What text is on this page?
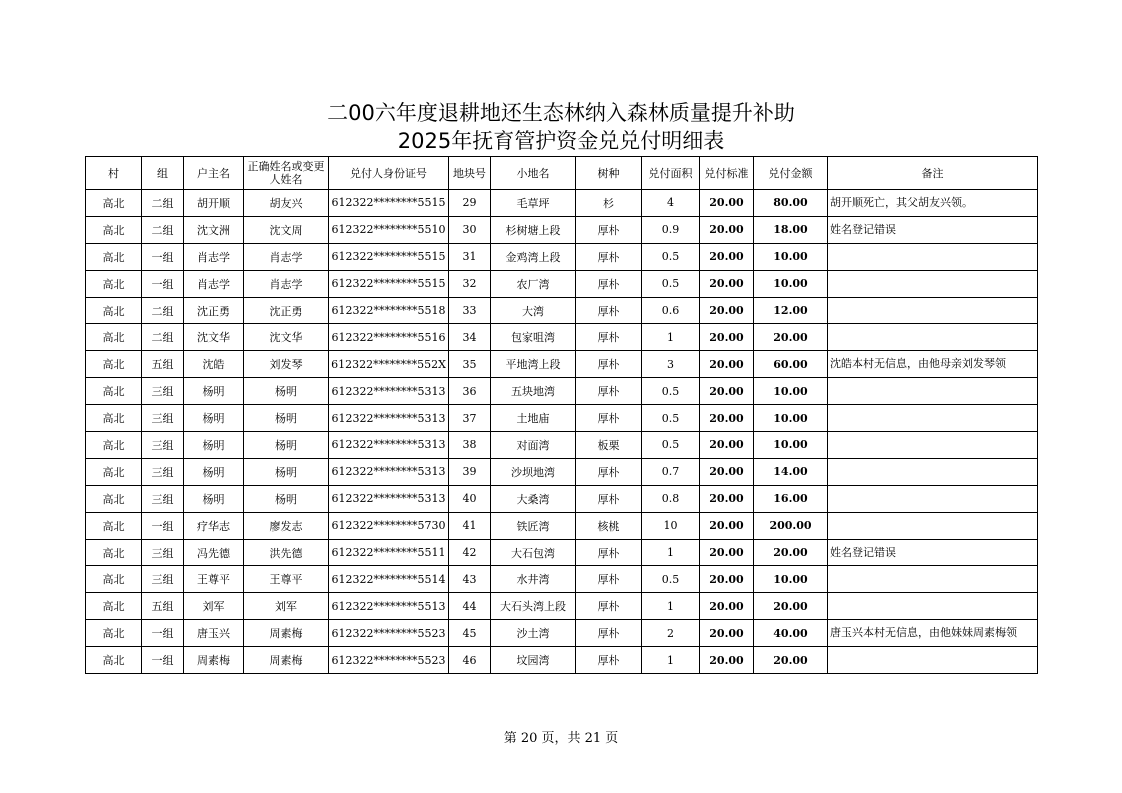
二00六年度退耕地还生态林纳入森林质量提升补助
2025年抚育管护资金兑兑付明细表
村	组	户主名	正确姓名或变更人姓名	兑付人身份证号	地块号	小地名	树种	兑付面积	兑付标准	兑付金额	备注
高北	二组	胡开顺	胡友兴	612322********5515	29	毛草坪	杉	4	20.00	80.00	胡开顺死亡，其父胡友兴领。
高北	二组	沈文洲	沈文周	612322********5510	30	杉树塘上段	厚朴	0.9	20.00	18.00	姓名登记错误
高北	一组	肖志学	肖志学	612322********5515	31	金鸡湾上段	厚朴	0.5	20.00	10.00	
高北	一组	肖志学	肖志学	612322********5515	32	农厂湾	厚朴	0.5	20.00	10.00	
高北	二组	沈正勇	沈正勇	612322********5518	33	大湾	厚朴	0.6	20.00	12.00	
高北	二组	沈文华	沈文华	612322********5516	34	包家咀湾	厚朴	1	20.00	20.00	
高北	五组	沈皓	刘发琴	612322********552X	35	平地湾上段	厚朴	3	20.00	60.00	沈皓本村无信息，由他母亲刘发琴领
高北	三组	杨明	杨明	612322********5313	36	五块地湾	厚朴	0.5	20.00	10.00	
高北	三组	杨明	杨明	612322********5313	37	土地庙	厚朴	0.5	20.00	10.00	
高北	三组	杨明	杨明	612322********5313	38	对面湾	板栗	0.5	20.00	10.00	
高北	三组	杨明	杨明	612322********5313	39	沙坝地湾	厚朴	0.7	20.00	14.00	
高北	三组	杨明	杨明	612322********5313	40	大桑湾	厚朴	0.8	20.00	16.00	
高北	一组	疗华志	廖发志	612322********5730	41	铁匠湾	核桃	10	20.00	200.00	
高北	三组	冯先德	洪先德	612322********5511	42	大石包湾	厚朴	1	20.00	20.00	姓名登记错误
高北	三组	王尊平	王尊平	612322********5514	43	水井湾	厚朴	0.5	20.00	10.00	
高北	五组	刘军	刘军	612322********5513	44	大石头湾上段	厚朴	1	20.00	20.00	
高北	一组	唐玉兴	周素梅	612322********5523	45	沙土湾	厚朴	2	20.00	40.00	唐玉兴本村无信息，由他妹妹周素梅领
高北	一组	周素梅	周素梅	612322********5523	46	坟园湾	厚朴	1	20.00	20.00	
第 20 页，共 21 页
